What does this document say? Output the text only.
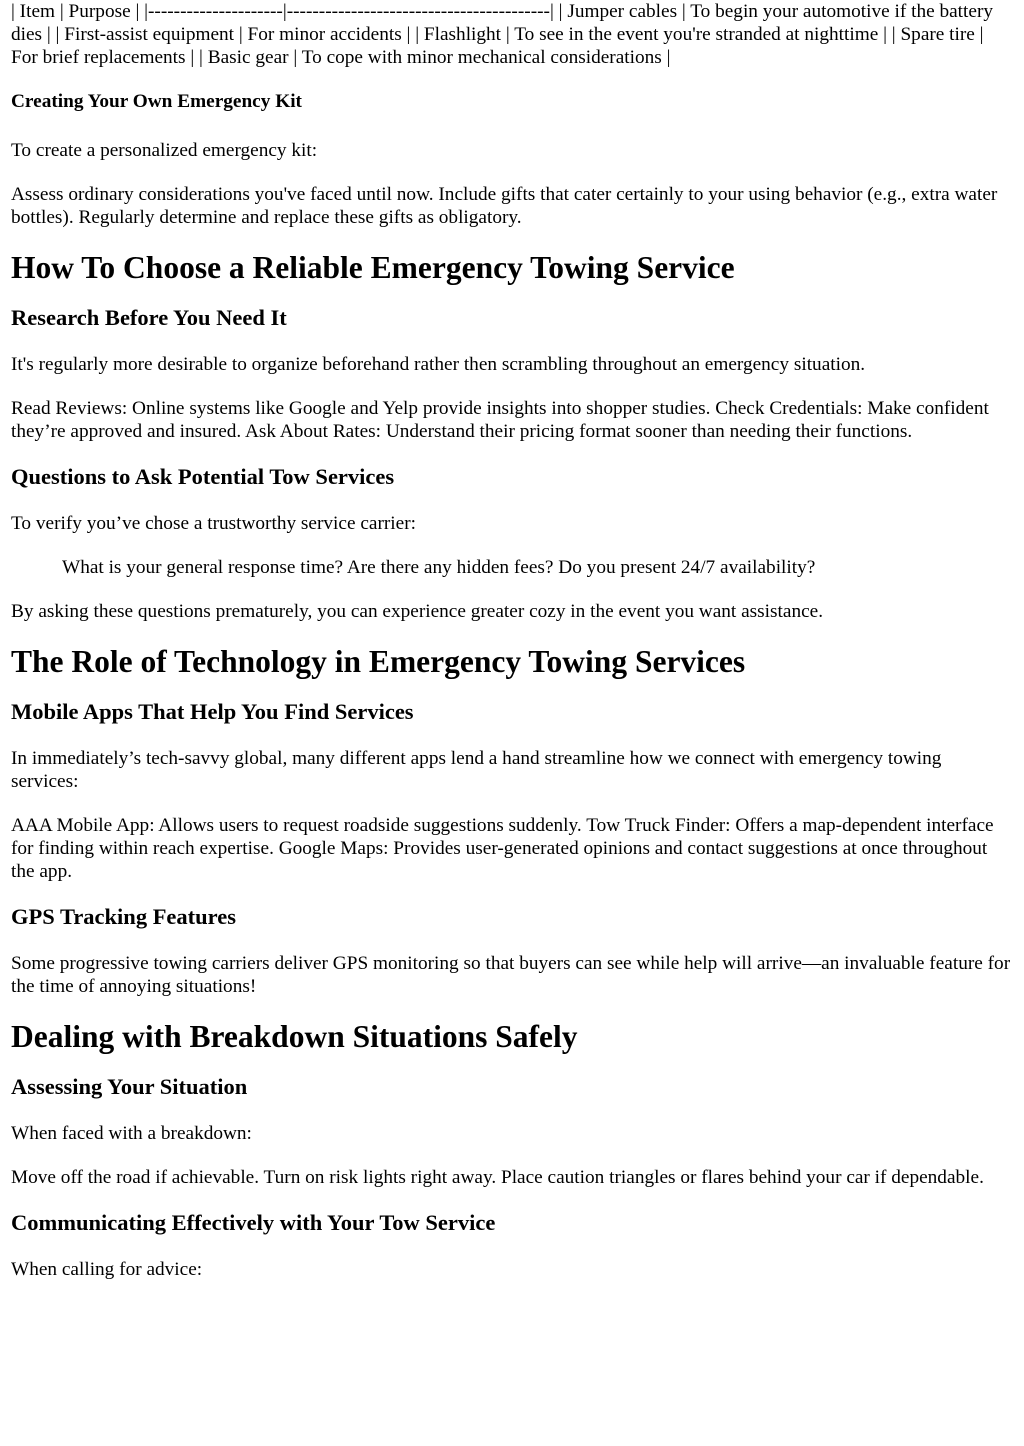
| Item | Purpose | |---------------------|-----------------------------------------| | Jumper cables | To begin your automotive if the battery dies | | First-assist equipment | For minor accidents | | Flashlight | To see in the event you're stranded at nighttime | | Spare tire | For brief replacements | | Basic gear | To cope with minor mechanical considerations |

Creating Your Own Emergency Kit

To create a personalized emergency kit:

Assess ordinary considerations you've faced until now. Include gifts that cater certainly to your using behavior (e.g., extra water bottles). Regularly determine and replace these gifts as obligatory.

How To Choose a Reliable Emergency Towing Service
Research Before You Need It

It's regularly more desirable to organize beforehand rather then scrambling throughout an emergency situation.

Read Reviews: Online systems like Google and Yelp provide insights into shopper studies. Check Credentials: Make confident they’re approved and insured. Ask About Rates: Understand their pricing format sooner than needing their functions.

Questions to Ask Potential Tow Services

To verify you’ve chose a trustworthy service carrier:

What is your general response time? Are there any hidden fees? Do you present 24/7 availability?

By asking these questions prematurely, you can experience greater cozy in the event you want assistance.

The Role of Technology in Emergency Towing Services
Mobile Apps That Help You Find Services

In immediately’s tech-savvy global, many different apps lend a hand streamline how we connect with emergency towing services:

AAA Mobile App: Allows users to request roadside suggestions suddenly. Tow Truck Finder: Offers a map-dependent interface for finding within reach expertise. Google Maps: Provides user-generated opinions and contact suggestions at once throughout the app.

GPS Tracking Features

Some progressive towing carriers deliver GPS monitoring so that buyers can see while help will arrive—an invaluable feature for the time of annoying situations!

Dealing with Breakdown Situations Safely
Assessing Your Situation

When faced with a breakdown:

Move off the road if achievable. Turn on risk lights right away. Place caution triangles or flares behind your car if dependable.

Communicating Effectively with Your Tow Service

When calling for advice:
